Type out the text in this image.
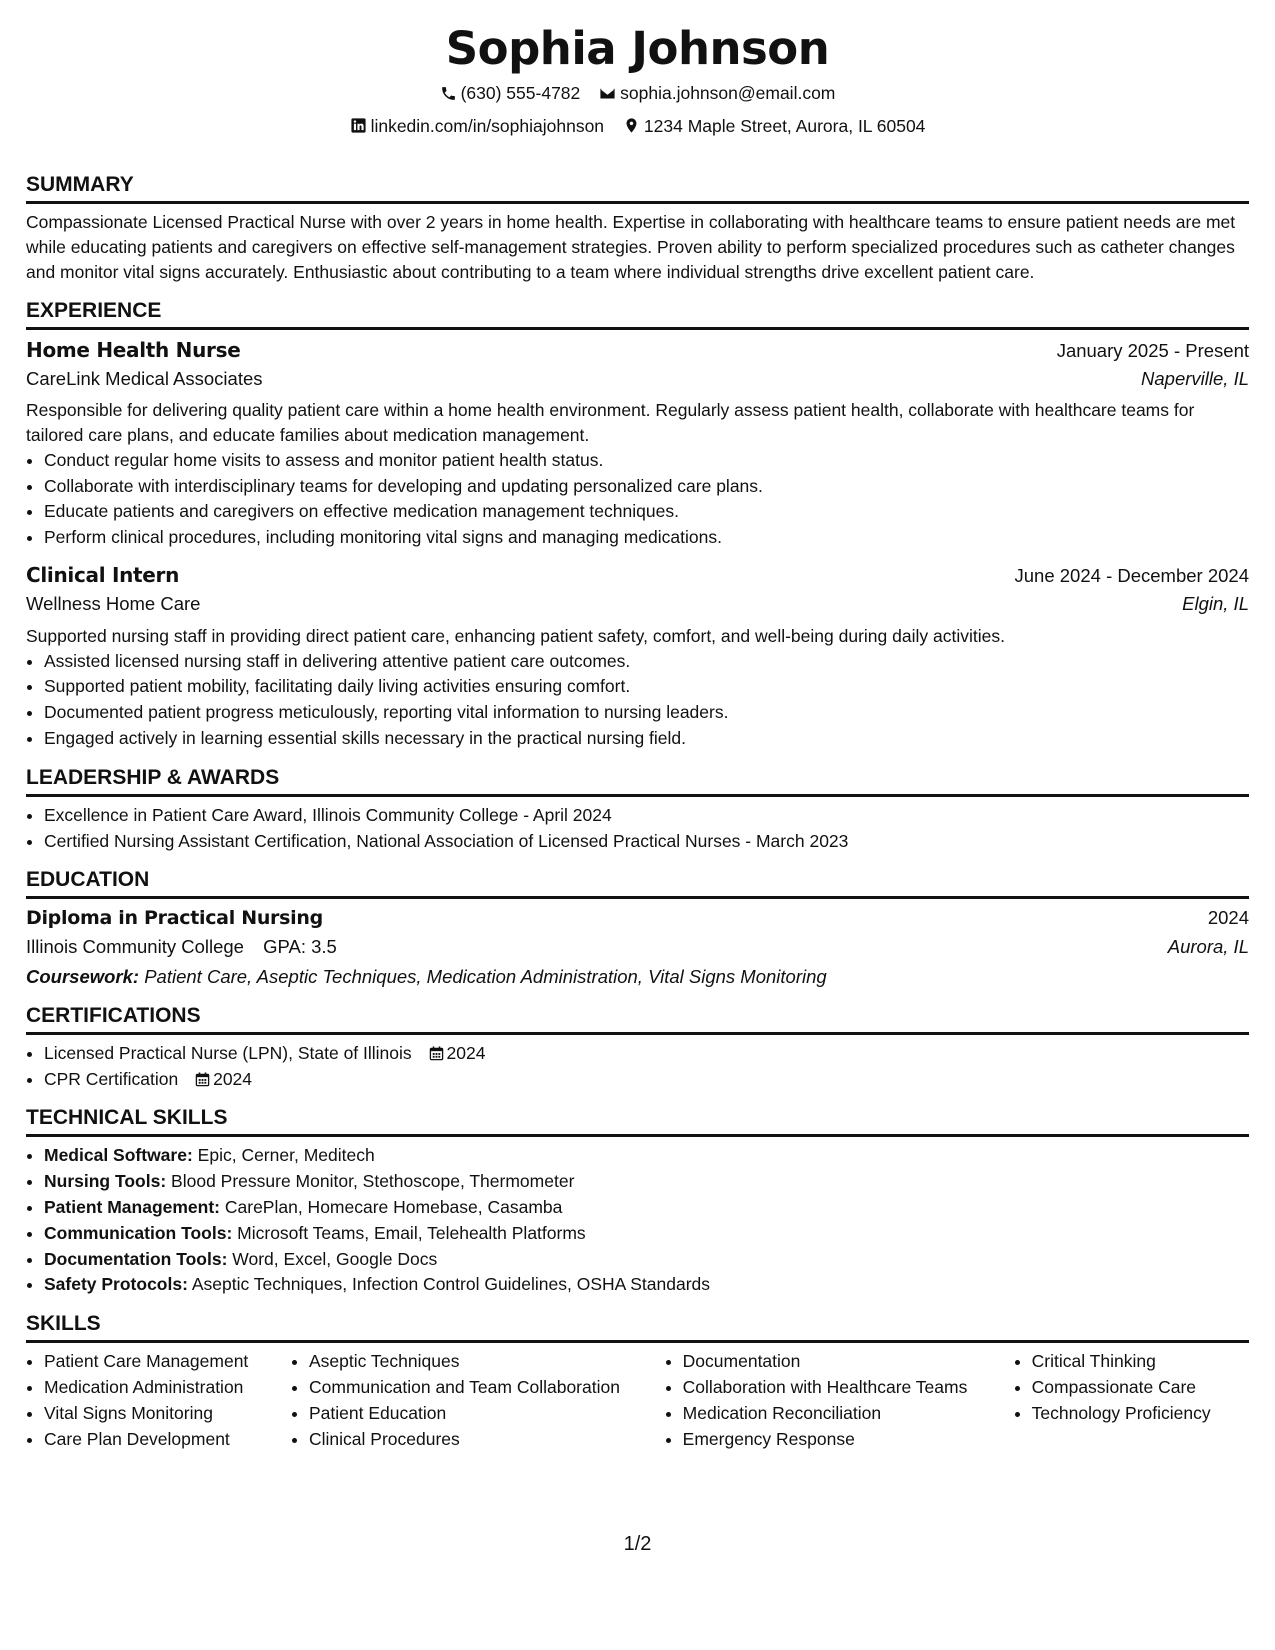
Sophia Johnson
(630) 555-4782
sophia.johnson@email.com
linkedin.com/in/sophiajohnson
1234 Maple Street, Aurora, IL 60504
SUMMARY

Compassionate Licensed Practical Nurse with over 2 years in home health. Expertise in collaborating with healthcare teams to ensure patient needs are met while educating patients and caregivers on effective self-management strategies. Proven ability to perform specialized procedures such as catheter changes and monitor vital signs accurately. Enthusiastic about contributing to a team where individual strengths drive excellent patient care.

EXPERIENCE
Home Health Nurse	January 2025 - Present
CareLink Medical Associates	Naperville, IL

Responsible for delivering quality patient care within a home health environment. Regularly assess patient health, collaborate with healthcare teams for tailored care plans, and educate families about medication management.

• Conduct regular home visits to assess and monitor patient health status.
• Collaborate with interdisciplinary teams for developing and updating personalized care plans.
• Educate patients and caregivers on effective medication management techniques.
• Perform clinical procedures, including monitoring vital signs and managing medications.
Clinical Intern	June 2024 - December 2024
Wellness Home Care	Elgin, IL

Supported nursing staff in providing direct patient care, enhancing patient safety, comfort, and well-being during daily activities.

• Assisted licensed nursing staff in delivering attentive patient care outcomes.
• Supported patient mobility, facilitating daily living activities ensuring comfort.
• Documented patient progress meticulously, reporting vital information to nursing leaders.
• Engaged actively in learning essential skills necessary in the practical nursing field.
LEADERSHIP & AWARDS
• Excellence in Patient Care Award, Illinois Community College - April 2024
• Certified Nursing Assistant Certification, National Association of Licensed Practical Nurses - March 2023
EDUCATION
Diploma in Practical Nursing	2024
Illinois Community College GPA: 3.5	Aurora, IL
Coursework: Patient Care, Aseptic Techniques, Medication Administration, Vital Signs Monitoring
CERTIFICATIONS
• Licensed Practical Nurse (LPN), State of Illinois 2024
• CPR Certification 2024
TECHNICAL SKILLS
• Medical Software: Epic, Cerner, Meditech
• Nursing Tools: Blood Pressure Monitor, Stethoscope, Thermometer
• Patient Management: CarePlan, Homecare Homebase, Casamba
• Communication Tools: Microsoft Teams, Email, Telehealth Platforms
• Documentation Tools: Word, Excel, Google Docs
• Safety Protocols: Aseptic Techniques, Infection Control Guidelines, OSHA Standards
SKILLS
• Patient Care Management
• Medication Administration
• Vital Signs Monitoring
• Care Plan Development
• Aseptic Techniques
• Communication and Team Collaboration
• Patient Education
• Clinical Procedures
• Documentation
• Collaboration with Healthcare Teams
• Medication Reconciliation
• Emergency Response
• Critical Thinking
• Compassionate Care
• Technology Proficiency
1/2
